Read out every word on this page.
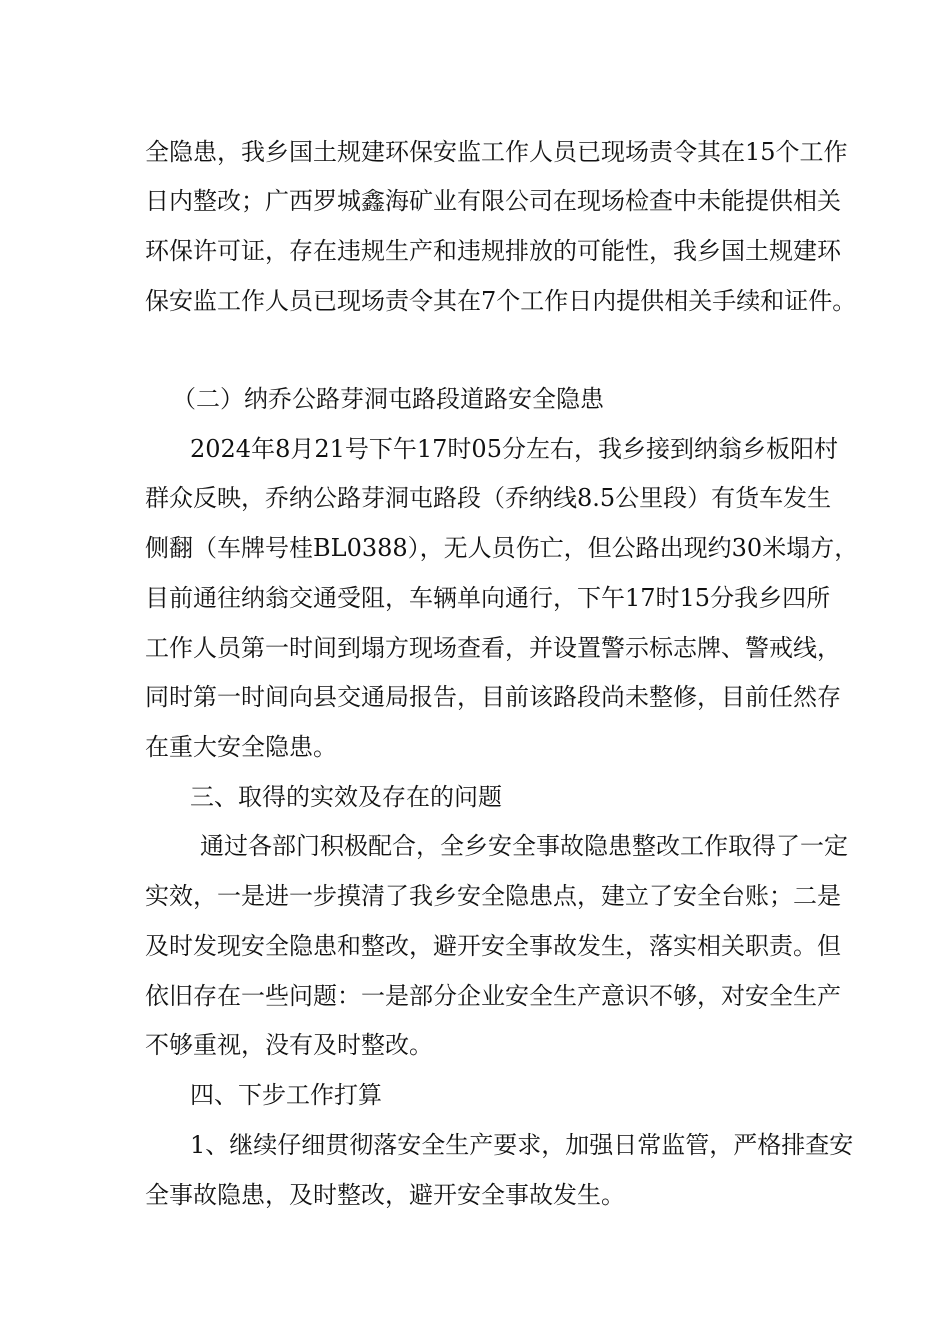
全隐患，我乡国土规建环保安监工作人员已现场责令其在15个工作
日内整改；广西罗城鑫海矿业有限公司在现场检查中未能提供相关
环保许可证，存在违规生产和违规排放的可能性，我乡国土规建环
保安监工作人员已现场责令其在7个工作日内提供相关手续和证件。
（二）纳乔公路芽洞屯路段道路安全隐患
2024年8月21号下午17时05分左右，我乡接到纳翁乡板阳村
群众反映，乔纳公路芽洞屯路段（乔纳线8.5公里段）有货车发生
侧翻（车牌号桂BL0388），无人员伤亡，但公路出现约30米塌方，
目前通往纳翁交通受阻，车辆单向通行，下午17时15分我乡四所
工作人员第一时间到塌方现场查看，并设置警示标志牌、警戒线，
同时第一时间向县交通局报告，目前该路段尚未整修，目前任然存
在重大安全隐患。
三、取得的实效及存在的问题
通过各部门积极配合，全乡安全事故隐患整改工作取得了一定
实效，一是进一步摸清了我乡安全隐患点，建立了安全台账；二是
及时发现安全隐患和整改，避开安全事故发生，落实相关职责。但
依旧存在一些问题：一是部分企业安全生产意识不够，对安全生产
不够重视，没有及时整改。
四、下步工作打算
1、继续仔细贯彻落安全生产要求，加强日常监管，严格排查安
全事故隐患，及时整改，避开安全事故发生。
